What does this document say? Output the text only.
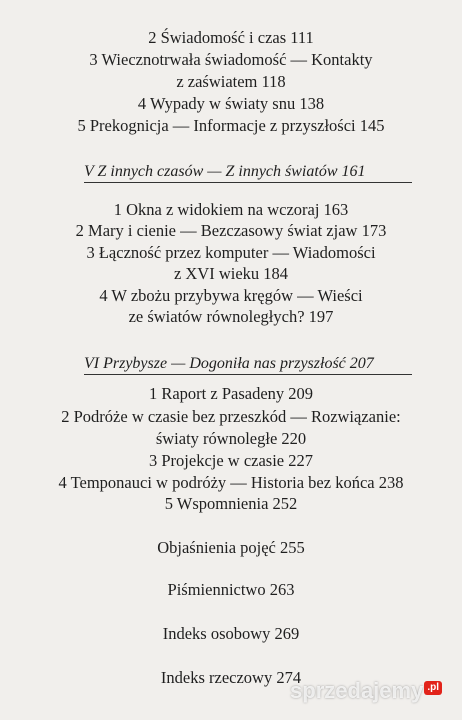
2 Świadomość i czas 111
3 Wiecznotrwała świadomość — Kontakty
z zaświatem 118
4 Wypady w światy snu 138
5 Prekognicja — Informacje z przyszłości 145
V Z innych czasów — Z innych światów 161
1 Okna z widokiem na wczoraj 163
2 Mary i cienie — Bezczasowy świat zjaw 173
3 Łączność przez komputer — Wiadomości
z XVI wieku 184
4 W zbożu przybywa kręgów — Wieści
ze światów równoległych? 197
VI Przybysze — Dogoniła nas przyszłość 207
1 Raport z Pasadeny 209
2 Podróże w czasie bez przeszkód — Rozwiązanie:
światy równoległe 220
3 Projekcje w czasie 227
4 Temponauci w podróży — Historia bez końca 238
5 Wspomnienia 252
Objaśnienia pojęć 255
Piśmiennictwo 263
Indeks osobowy 269
Indeks rzeczowy 274
sprzedajemy .pl
